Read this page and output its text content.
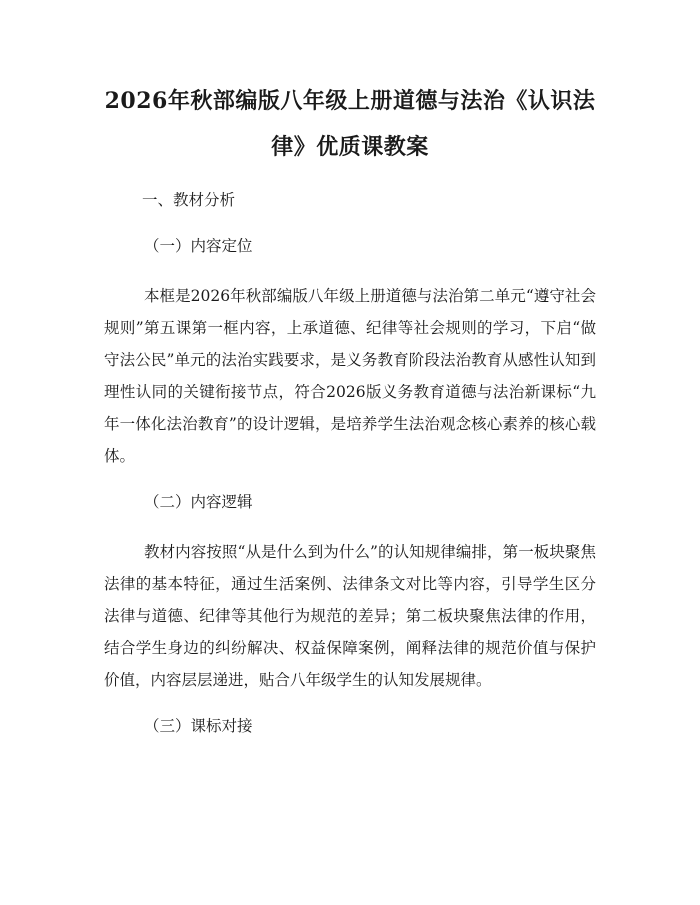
2026年秋部编版八年级上册道德与法治《认识法律》优质课教案
一、教材分析
（一）内容定位

本框是2026年秋部编版八年级上册道德与法治第二单元“遵守社会规则”第五课第一框内容，上承道德、纪律等社会规则的学习，下启“做守法公民”单元的法治实践要求，是义务教育阶段法治教育从感性认知到理性认同的关键衔接节点，符合2026版义务教育道德与法治新课标“九年一体化法治教育”的设计逻辑，是培养学生法治观念核心素养的核心载体。

（二）内容逻辑

教材内容按照“从是什么到为什么”的认知规律编排，第一板块聚焦法律的基本特征，通过生活案例、法律条文对比等内容，引导学生区分法律与道德、纪律等其他行为规范的差异；第二板块聚焦法律的作用，结合学生身边的纠纷解决、权益保障案例，阐释法律的规范价值与保护价值，内容层层递进，贴合八年级学生的认知发展规律。

（三）课标对接
